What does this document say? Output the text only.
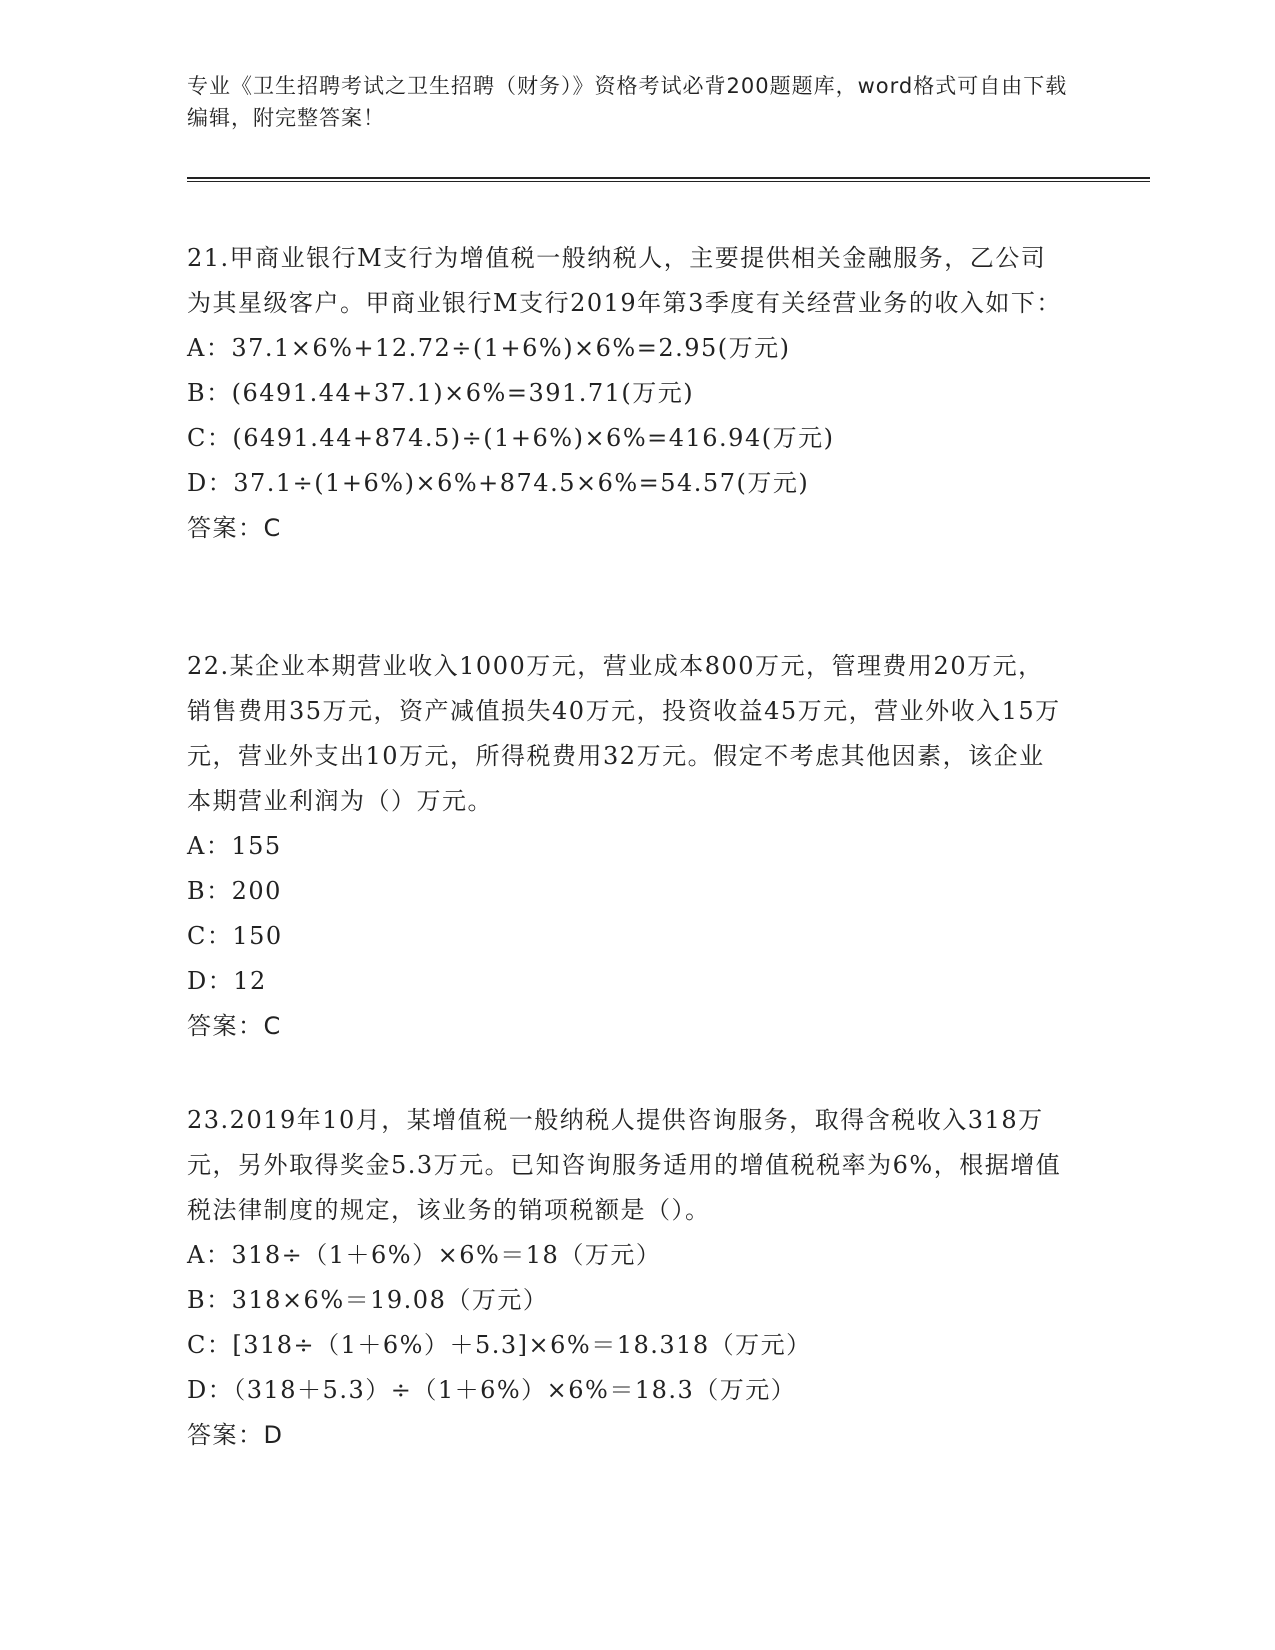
专业《卫生招聘考试之卫生招聘（财务）》资格考试必背200题题库，word格式可自由下载编辑，附完整答案！

21.甲商业银行M支行为增值税一般纳税人，主要提供相关金融服务，乙公司为其星级客户。甲商业银行M支行2019年第3季度有关经营业务的收入如下：

A：37.1×6%+12.72÷(1+6%)×6%=2.95(万元)

B：(6491.44+37.1)×6%=391.71(万元)

C：(6491.44+874.5)÷(1+6%)×6%=416.94(万元)

D：37.1÷(1+6%)×6%+874.5×6%=54.57(万元)

答案：C

22.某企业本期营业收入1000万元，营业成本800万元，管理费用20万元，销售费用35万元，资产减值损失40万元，投资收益45万元，营业外收入15万元，营业外支出10万元，所得税费用32万元。假定不考虑其他因素，该企业本期营业利润为（）万元。

A：155

B：200

C：150

D：12

答案：C

23.2019年10月，某增值税一般纳税人提供咨询服务，取得含税收入318万元，另外取得奖金5.3万元。已知咨询服务适用的增值税税率为6%，根据增值税法律制度的规定，该业务的销项税额是（）。

A：318÷（1＋6%）×6%＝18（万元）

B：318×6%＝19.08（万元）

C：[318÷（1＋6%）＋5.3]×6%＝18.318（万元）

D：（318＋5.3）÷（1＋6%）×6%＝18.3（万元）

答案：D
